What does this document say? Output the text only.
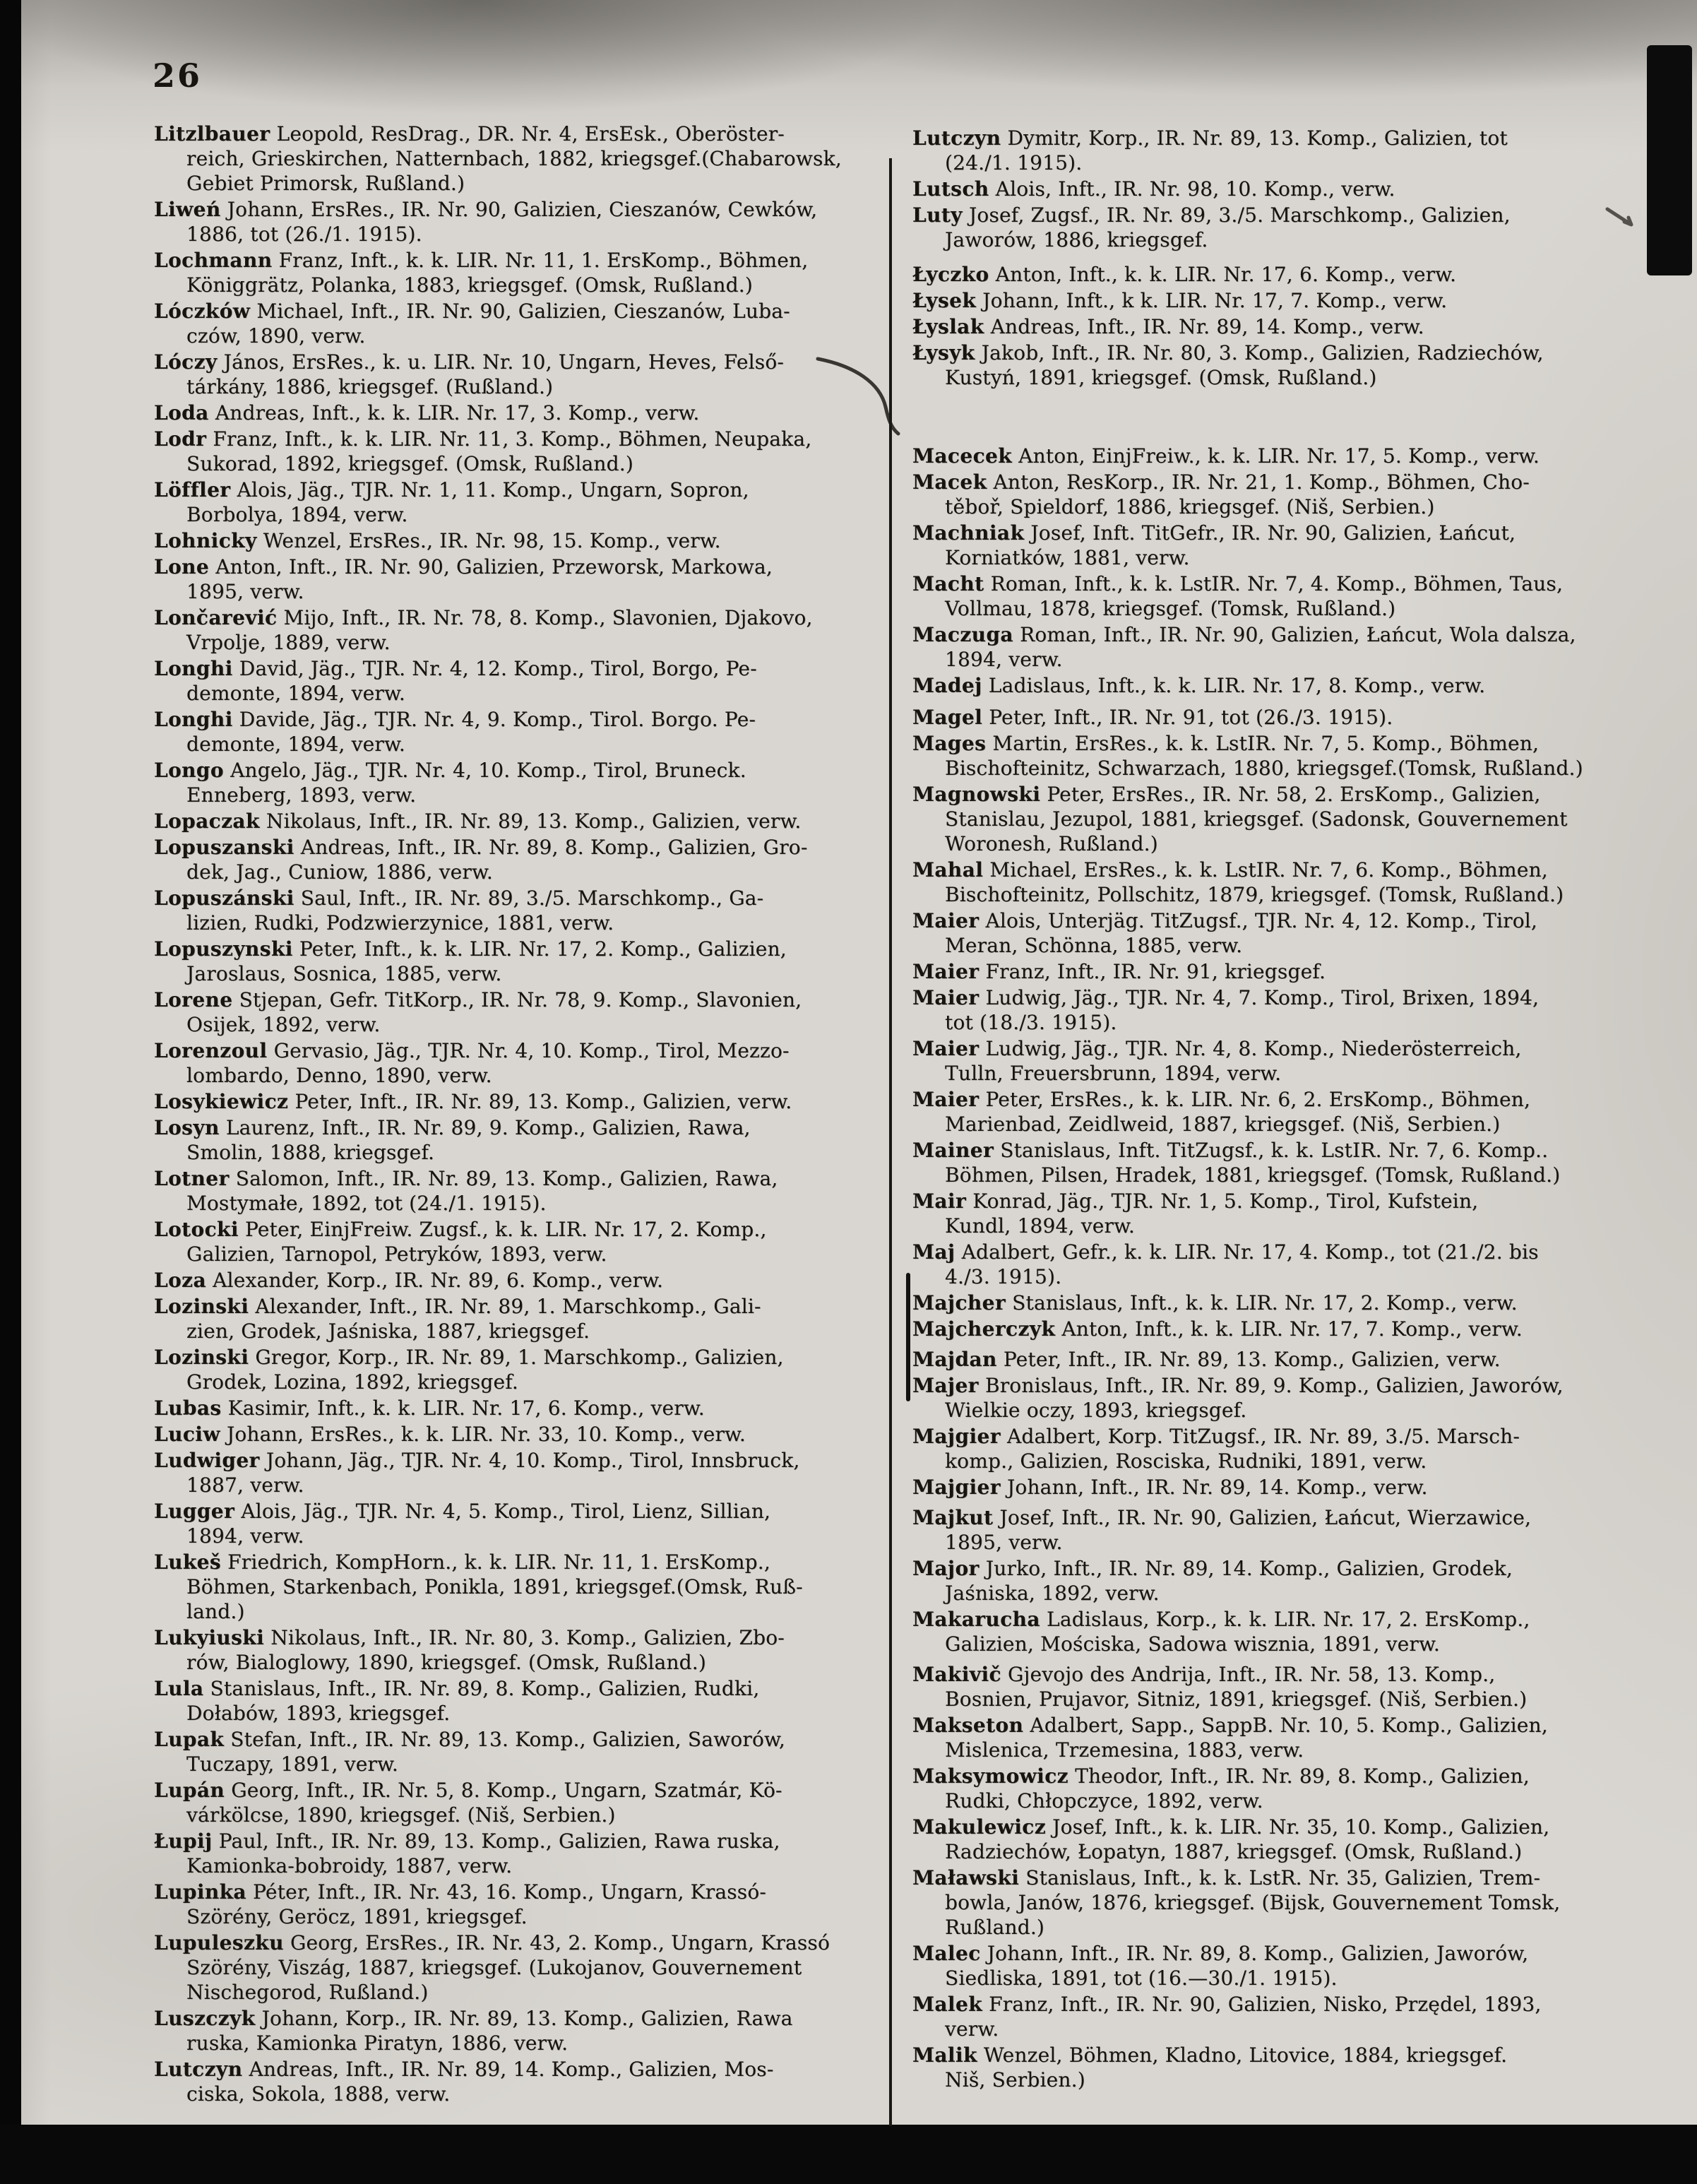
26
Litzlbauer Leopold, ResDrag., DR. Nr. 4, ErsEsk., Oberöster-
reich, Grieskirchen, Natternbach, 1882, kriegsgef.(Chabarowsk,
Gebiet Primorsk, Rußland.)
Liweń Johann, ErsRes., IR. Nr. 90, Galizien, Cieszanów, Cewków,
1886, tot (26./1. 1915).
Lochmann Franz, Inft., k. k. LIR. Nr. 11, 1. ErsKomp., Böhmen,
Königgrätz, Polanka, 1883, kriegsgef. (Omsk, Rußland.)
Lóczków Michael, Inft., IR. Nr. 90, Galizien, Cieszanów, Luba-
czów, 1890, verw.
Lóczy János, ErsRes., k. u. LIR. Nr. 10, Ungarn, Heves, Felső-
tárkány, 1886, kriegsgef. (Rußland.)
Loda Andreas, Inft., k. k. LIR. Nr. 17, 3. Komp., verw.
Lodr Franz, Inft., k. k. LIR. Nr. 11, 3. Komp., Böhmen, Neupaka,
Sukorad, 1892, kriegsgef. (Omsk, Rußland.)
Löffler Alois, Jäg., TJR. Nr. 1, 11. Komp., Ungarn, Sopron,
Borbolya, 1894, verw.
Lohnicky Wenzel, ErsRes., IR. Nr. 98, 15. Komp., verw.
Lone Anton, Inft., IR. Nr. 90, Galizien, Przeworsk, Markowa,
1895, verw.
Lončarević Mijo, Inft., IR. Nr. 78, 8. Komp., Slavonien, Djakovo,
Vrpolje, 1889, verw.
Longhi David, Jäg., TJR. Nr. 4, 12. Komp., Tirol, Borgo, Pe-
demonte, 1894, verw.
Longhi Davide, Jäg., TJR. Nr. 4, 9. Komp., Tirol. Borgo. Pe-
demonte, 1894, verw.
Longo Angelo, Jäg., TJR. Nr. 4, 10. Komp., Tirol, Bruneck.
Enneberg, 1893, verw.
Lopaczak Nikolaus, Inft., IR. Nr. 89, 13. Komp., Galizien, verw.
Lopuszanski Andreas, Inft., IR. Nr. 89, 8. Komp., Galizien, Gro-
dek, Jag., Cuniow, 1886, verw.
Lopuszánski Saul, Inft., IR. Nr. 89, 3./5. Marschkomp., Ga-
lizien, Rudki, Podzwierzynice, 1881, verw.
Lopuszynski Peter, Inft., k. k. LIR. Nr. 17, 2. Komp., Galizien,
Jaroslaus, Sosnica, 1885, verw.
Lorene Stjepan, Gefr. TitKorp., IR. Nr. 78, 9. Komp., Slavonien,
Osijek, 1892, verw.
Lorenzoul Gervasio, Jäg., TJR. Nr. 4, 10. Komp., Tirol, Mezzo-
lombardo, Denno, 1890, verw.
Losykiewicz Peter, Inft., IR. Nr. 89, 13. Komp., Galizien, verw.
Losyn Laurenz, Inft., IR. Nr. 89, 9. Komp., Galizien, Rawa,
Smolin, 1888, kriegsgef.
Lotner Salomon, Inft., IR. Nr. 89, 13. Komp., Galizien, Rawa,
Mostymałe, 1892, tot (24./1. 1915).
Lotocki Peter, EinjFreiw. Zugsf., k. k. LIR. Nr. 17, 2. Komp.,
Galizien, Tarnopol, Petryków, 1893, verw.
Loza Alexander, Korp., IR. Nr. 89, 6. Komp., verw.
Lozinski Alexander, Inft., IR. Nr. 89, 1. Marschkomp., Gali-
zien, Grodek, Jaśniska, 1887, kriegsgef.
Lozinski Gregor, Korp., IR. Nr. 89, 1. Marschkomp., Galizien,
Grodek, Lozina, 1892, kriegsgef.
Lubas Kasimir, Inft., k. k. LIR. Nr. 17, 6. Komp., verw.
Luciw Johann, ErsRes., k. k. LIR. Nr. 33, 10. Komp., verw.
Ludwiger Johann, Jäg., TJR. Nr. 4, 10. Komp., Tirol, Innsbruck,
1887, verw.
Lugger Alois, Jäg., TJR. Nr. 4, 5. Komp., Tirol, Lienz, Sillian,
1894, verw.
Lukeš Friedrich, KompHorn., k. k. LIR. Nr. 11, 1. ErsKomp.,
Böhmen, Starkenbach, Ponikla, 1891, kriegsgef.(Omsk, Ruß-
land.)
Lukyiuski Nikolaus, Inft., IR. Nr. 80, 3. Komp., Galizien, Zbo-
rów, Bialoglowy, 1890, kriegsgef. (Omsk, Rußland.)
Lula Stanislaus, Inft., IR. Nr. 89, 8. Komp., Galizien, Rudki,
Dołabów, 1893, kriegsgef.
Lupak Stefan, Inft., IR. Nr. 89, 13. Komp., Galizien, Saworów,
Tuczapy, 1891, verw.
Lupán Georg, Inft., IR. Nr. 5, 8. Komp., Ungarn, Szatmár, Kö-
várkölcse, 1890, kriegsgef. (Niš, Serbien.)
Łupij Paul, Inft., IR. Nr. 89, 13. Komp., Galizien, Rawa ruska,
Kamionka-bobroidy, 1887, verw.
Lupinka Péter, Inft., IR. Nr. 43, 16. Komp., Ungarn, Krassó-
Szörény, Geröcz, 1891, kriegsgef.
Lupuleszku Georg, ErsRes., IR. Nr. 43, 2. Komp., Ungarn, Krassó
Szörény, Viszág, 1887, kriegsgef. (Lukojanov, Gouvernement
Nischegorod, Rußland.)
Luszczyk Johann, Korp., IR. Nr. 89, 13. Komp., Galizien, Rawa
ruska, Kamionka Piratyn, 1886, verw.
Lutczyn Andreas, Inft., IR. Nr. 89, 14. Komp., Galizien, Mos-
ciska, Sokola, 1888, verw.
Lutczyn Dymitr, Korp., IR. Nr. 89, 13. Komp., Galizien, tot
(24./1. 1915).
Lutsch Alois, Inft., IR. Nr. 98, 10. Komp., verw.
Luty Josef, Zugsf., IR. Nr. 89, 3./5. Marschkomp., Galizien,
Jaworów, 1886, kriegsgef.
Łyczko Anton, Inft., k. k. LIR. Nr. 17, 6. Komp., verw.
Łysek Johann, Inft., k k. LIR. Nr. 17, 7. Komp., verw.
Łyslak Andreas, Inft., IR. Nr. 89, 14. Komp., verw.
Łysyk Jakob, Inft., IR. Nr. 80, 3. Komp., Galizien, Radziechów,
Kustyń, 1891, kriegsgef. (Omsk, Rußland.)
Macecek Anton, EinjFreiw., k. k. LIR. Nr. 17, 5. Komp., verw.
Macek Anton, ResKorp., IR. Nr. 21, 1. Komp., Böhmen, Cho-
těboř, Spieldorf, 1886, kriegsgef. (Niš, Serbien.)
Machniak Josef, Inft. TitGefr., IR. Nr. 90, Galizien, Łańcut,
Korniatków, 1881, verw.
Macht Roman, Inft., k. k. LstIR. Nr. 7, 4. Komp., Böhmen, Taus,
Vollmau, 1878, kriegsgef. (Tomsk, Rußland.)
Maczuga Roman, Inft., IR. Nr. 90, Galizien, Łańcut, Wola dalsza,
1894, verw.
Madej Ladislaus, Inft., k. k. LIR. Nr. 17, 8. Komp., verw.
Magel Peter, Inft., IR. Nr. 91, tot (26./3. 1915).
Mages Martin, ErsRes., k. k. LstIR. Nr. 7, 5. Komp., Böhmen,
Bischofteinitz, Schwarzach, 1880, kriegsgef.(Tomsk, Rußland.)
Magnowski Peter, ErsRes., IR. Nr. 58, 2. ErsKomp., Galizien,
Stanislau, Jezupol, 1881, kriegsgef. (Sadonsk, Gouvernement
Woronesh, Rußland.)
Mahal Michael, ErsRes., k. k. LstIR. Nr. 7, 6. Komp., Böhmen,
Bischofteinitz, Pollschitz, 1879, kriegsgef. (Tomsk, Rußland.)
Maier Alois, Unterjäg. TitZugsf., TJR. Nr. 4, 12. Komp., Tirol,
Meran, Schönna, 1885, verw.
Maier Franz, Inft., IR. Nr. 91, kriegsgef.
Maier Ludwig, Jäg., TJR. Nr. 4, 7. Komp., Tirol, Brixen, 1894,
tot (18./3. 1915).
Maier Ludwig, Jäg., TJR. Nr. 4, 8. Komp., Niederösterreich,
Tulln, Freuersbrunn, 1894, verw.
Maier Peter, ErsRes., k. k. LIR. Nr. 6, 2. ErsKomp., Böhmen,
Marienbad, Zeidlweid, 1887, kriegsgef. (Niš, Serbien.)
Mainer Stanislaus, Inft. TitZugsf., k. k. LstIR. Nr. 7, 6. Komp..
Böhmen, Pilsen, Hradek, 1881, kriegsgef. (Tomsk, Rußland.)
Mair Konrad, Jäg., TJR. Nr. 1, 5. Komp., Tirol, Kufstein,
Kundl, 1894, verw.
Maj Adalbert, Gefr., k. k. LIR. Nr. 17, 4. Komp., tot (21./2. bis
4./3. 1915).
Majcher Stanislaus, Inft., k. k. LIR. Nr. 17, 2. Komp., verw.
Majcherczyk Anton, Inft., k. k. LIR. Nr. 17, 7. Komp., verw.
Majdan Peter, Inft., IR. Nr. 89, 13. Komp., Galizien, verw.
Majer Bronislaus, Inft., IR. Nr. 89, 9. Komp., Galizien, Jaworów,
Wielkie oczy, 1893, kriegsgef.
Majgier Adalbert, Korp. TitZugsf., IR. Nr. 89, 3./5. Marsch-
komp., Galizien, Rosciska, Rudniki, 1891, verw.
Majgier Johann, Inft., IR. Nr. 89, 14. Komp., verw.
Majkut Josef, Inft., IR. Nr. 90, Galizien, Łańcut, Wierzawice,
1895, verw.
Major Jurko, Inft., IR. Nr. 89, 14. Komp., Galizien, Grodek,
Jaśniska, 1892, verw.
Makarucha Ladislaus, Korp., k. k. LIR. Nr. 17, 2. ErsKomp.,
Galizien, Mościska, Sadowa wisznia, 1891, verw.
Makivič Gjevojo des Andrija, Inft., IR. Nr. 58, 13. Komp.,
Bosnien, Prujavor, Sitniz, 1891, kriegsgef. (Niš, Serbien.)
Makseton Adalbert, Sapp., SappB. Nr. 10, 5. Komp., Galizien,
Mislenica, Trzemesina, 1883, verw.
Maksymowicz Theodor, Inft., IR. Nr. 89, 8. Komp., Galizien,
Rudki, Chłopczyce, 1892, verw.
Makulewicz Josef, Inft., k. k. LIR. Nr. 35, 10. Komp., Galizien,
Radziechów, Łopatyn, 1887, kriegsgef. (Omsk, Rußland.)
Maławski Stanislaus, Inft., k. k. LstR. Nr. 35, Galizien, Trem-
bowla, Janów, 1876, kriegsgef. (Bijsk, Gouvernement Tomsk,
Rußland.)
Malec Johann, Inft., IR. Nr. 89, 8. Komp., Galizien, Jaworów,
Siedliska, 1891, tot (16.—30./1. 1915).
Malek Franz, Inft., IR. Nr. 90, Galizien, Nisko, Przędel, 1893,
verw.
Malik Wenzel, Böhmen, Kladno, Litovice, 1884, kriegsgef.
Niš, Serbien.)
